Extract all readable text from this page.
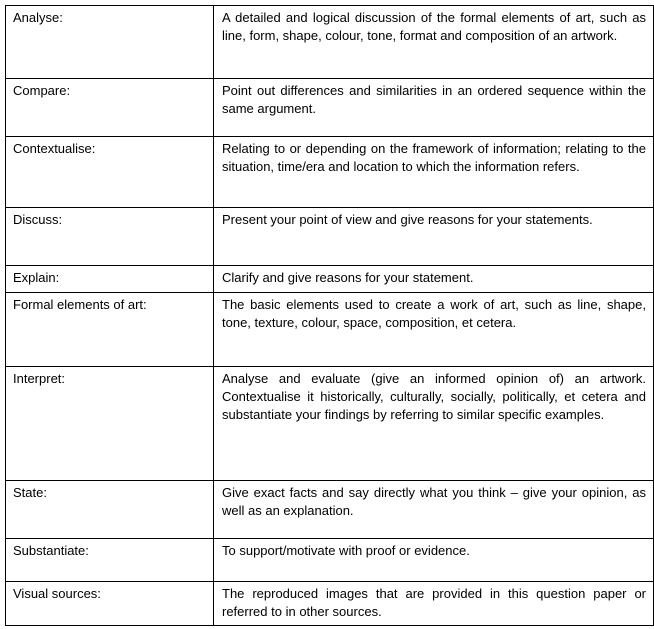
Analyse:	A detailed and logical discussion of the formal elements of art, such as line, form, shape, colour, tone, format and composition of an artwork.
Compare:	Point out differences and similarities in an ordered sequence within the same argument.
Contextualise:	Relating to or depending on the framework of information; relating to the situation, time/era and location to which the information refers.
Discuss:	Present your point of view and give reasons for your statements.
Explain:	Clarify and give reasons for your statement.
Formal elements of art:	The basic elements used to create a work of art, such as line, shape, tone, texture, colour, space, composition, et cetera.
Interpret:	Analyse and evaluate (give an informed opinion of) an artwork. Contextualise it historically, culturally, socially, politically, et cetera and substantiate your findings by referring to similar specific examples.
State:	Give exact facts and say directly what you think – give your opinion, as well as an explanation.
Substantiate:	To support/motivate with proof or evidence.
Visual sources:	The reproduced images that are provided in this question paper or referred to in other sources.
